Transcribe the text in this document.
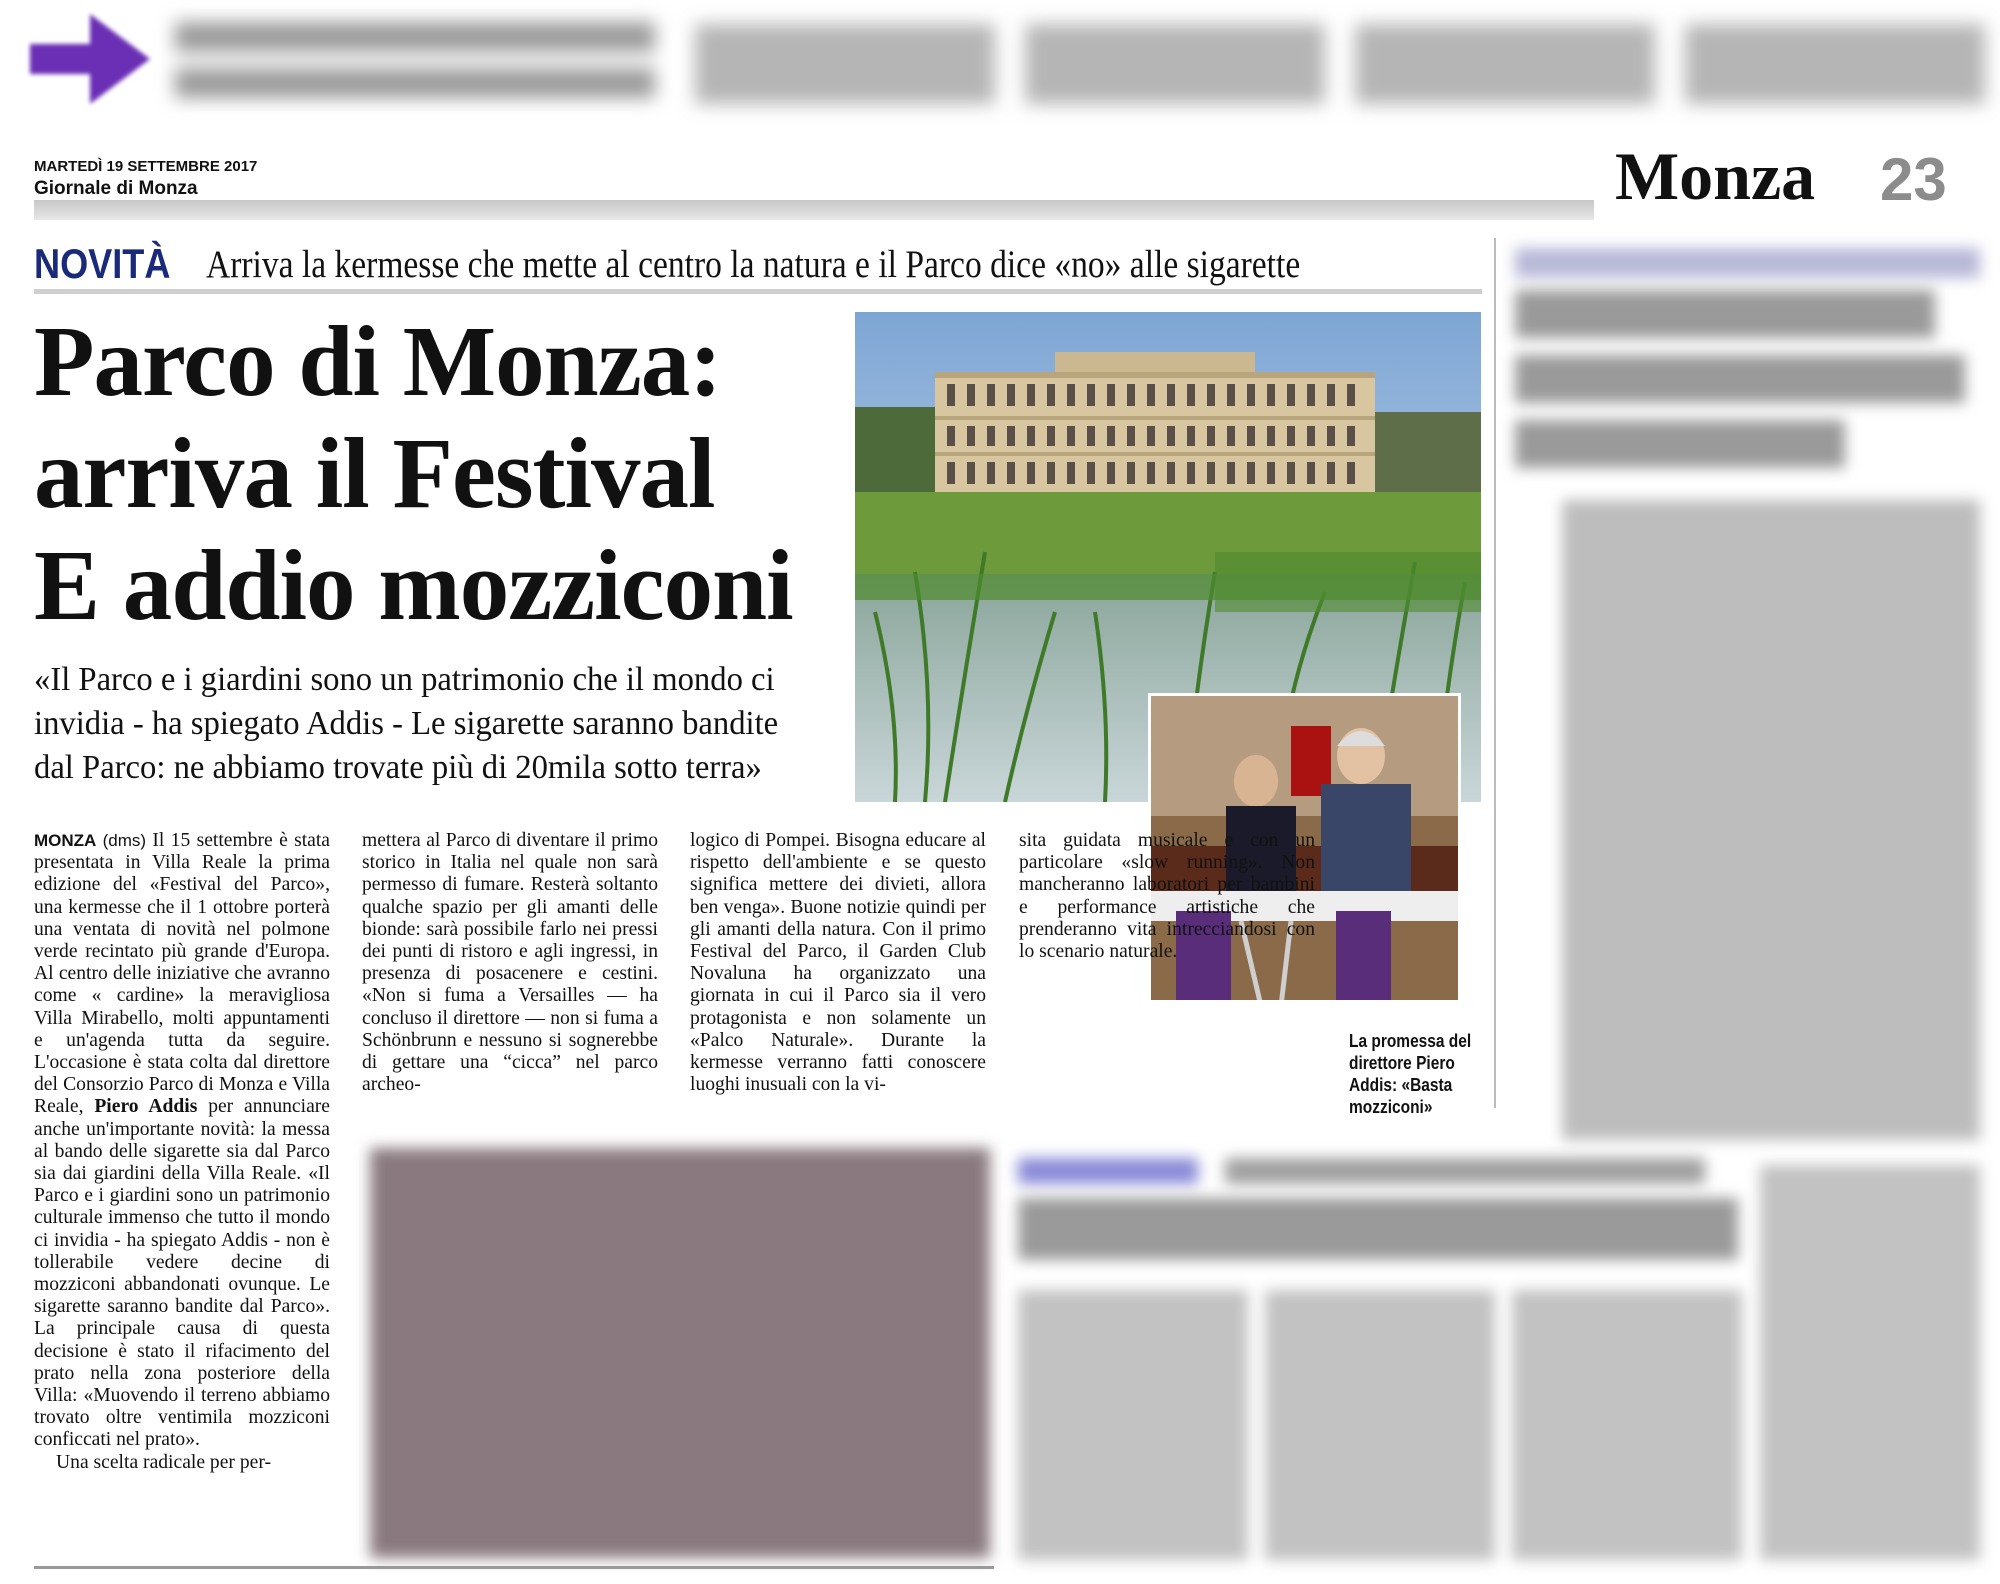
MARTEDÌ 19 SETTEMBRE 2017
Giornale di Monza	Monza 23
NOVITÀ Arriva la kermesse che mette al centro la natura e il Parco dice «no» alle sigarette
Parco di Monza:
arriva il Festival
E addio mozziconi
«Il Parco e i giardini sono un patrimonio che il mondo ci invidia - ha spiegato Addis - Le sigarette saranno bandite dal Parco: ne abbiamo trovate più di 20mila sotto terra»
La promessa del direttore Piero Addis: «Basta mozziconi»

MONZA (dms) Il 15 settembre è stata presentata in Villa Reale la prima edizione del «Festival del Parco», una kermesse che il 1 ottobre porterà una ventata di novità nel polmone verde recintato più grande d'Europa. Al centro delle iniziative che avranno come « cardine» la meravigliosa Villa Mirabello, molti appuntamenti e un'agenda tutta da seguire. L'occasione è stata colta dal direttore del Consorzio Parco di Monza e Villa Reale, Piero Addis per annunciare anche un'importante novità: la messa al bando delle sigarette sia dal Parco sia dai giardini della Villa Reale. «Il Parco e i giardini sono un patrimonio culturale immenso che tutto il mondo ci invidia - ha spiegato Addis - non è tollerabile vedere decine di mozziconi abbandonati ovunque. Le sigarette saranno bandite dal Parco». La principale causa di questa decisione è stato il rifacimento del prato nella zona posteriore della Villa: «Muovendo il terreno abbiamo trovato oltre ventimila mozziconi conficcati nel prato».

Una scelta radicale per per-

mettera al Parco di diventare il primo storico in Italia nel quale non sarà permesso di fumare. Resterà soltanto qualche spazio per gli amanti delle bionde: sarà possibile farlo nei pressi dei punti di ristoro e agli ingressi, in presenza di posacenere e cestini. «Non si fuma a Versailles — ha concluso il direttore — non si fuma a Schönbrunn e nessuno si sognerebbe di gettare una “cicca” nel parco archeo-
logico di Pompei. Bisogna educare al rispetto dell'ambiente e se questo significa mettere dei divieti, allora ben venga». Buone notizie quindi per gli amanti della natura. Con il primo Festival del Parco, il Garden Club Novaluna ha organizzato una giornata in cui il Parco sia il vero protagonista e non solamente un «Palco Naturale». Durante la kermesse verranno fatti conoscere luoghi inusuali con la vi-
sita guidata musicale e con un particolare «slow running». Non mancheranno laboratori per bambini e performance artistiche che prenderanno vita intrecciandosi con lo scenario naturale.
